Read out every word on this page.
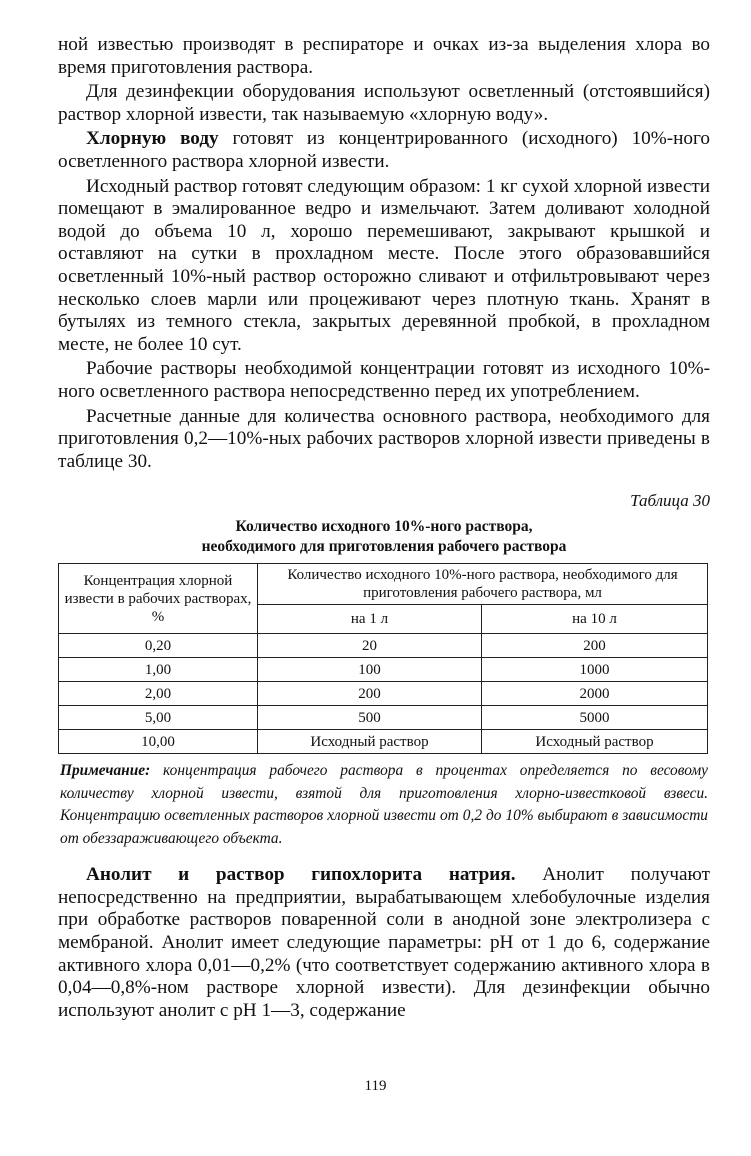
ной известью производят в респираторе и очках из-за выделения хлора во время приготовления раствора.

Для дезинфекции оборудования используют осветленный (отстоявшийся) раствор хлорной извести, так называемую «хлорную воду».

Хлорную воду готовят из концентрированного (исходного) 10%-ного осветленного раствора хлорной извести.

Исходный раствор готовят следующим образом: 1 кг сухой хлорной извести помещают в эмалированное ведро и измельчают. Затем доливают холодной водой до объема 10 л, хорошо перемешивают, закрывают крышкой и оставляют на сутки в прохладном месте. После этого образовавшийся осветленный 10%-ный раствор осторожно сливают и отфильтровывают через несколько слоев марли или процеживают через плотную ткань. Хранят в бутылях из темного стекла, закрытых деревянной пробкой, в прохладном месте, не более 10 сут.

Рабочие растворы необходимой концентрации готовят из исходного 10%-ного осветленного раствора непосредственно перед их употреблением.

Расчетные данные для количества основного раствора, необходимого для приготовления 0,2—10%-ных рабочих растворов хлорной извести приведены в таблице 30.

Таблица 30
Количество исходного 10%-ного раствора,
необходимого для приготовления рабочего раствора
Концентрация хлорной извести в рабочих растворах, %	Количество исходного 10%-ного раствора, необходимого для приготовления рабочего раствора, мл	
	на 1 л	на 10 л
0,20	20	200
1,00	100	1000
2,00	200	2000
5,00	500	5000
10,00	Исходный раствор	Исходный раствор
Примечание: концентрация рабочего раствора в процентах определяется по весовому количеству хлорной извести, взятой для приготовления хлорно-известковой взвеси. Концентрацию осветленных растворов хлорной извести от 0,2 до 10% выбирают в зависимости от обеззараживающего объекта.

Анолит и раствор гипохлорита натрия. Анолит получают непосредственно на предприятии, вырабатывающем хлебобулочные изделия при обработке растворов поваренной соли в анодной зоне электролизера с мембраной. Анолит имеет следующие параметры: рН от 1 до 6, содержание активного хлора 0,01—0,2% (что соответствует содержанию активного хлора в 0,04—0,8%-ном растворе хлорной извести). Для дезинфекции обычно используют анолит с рН 1—3, содержание

119
